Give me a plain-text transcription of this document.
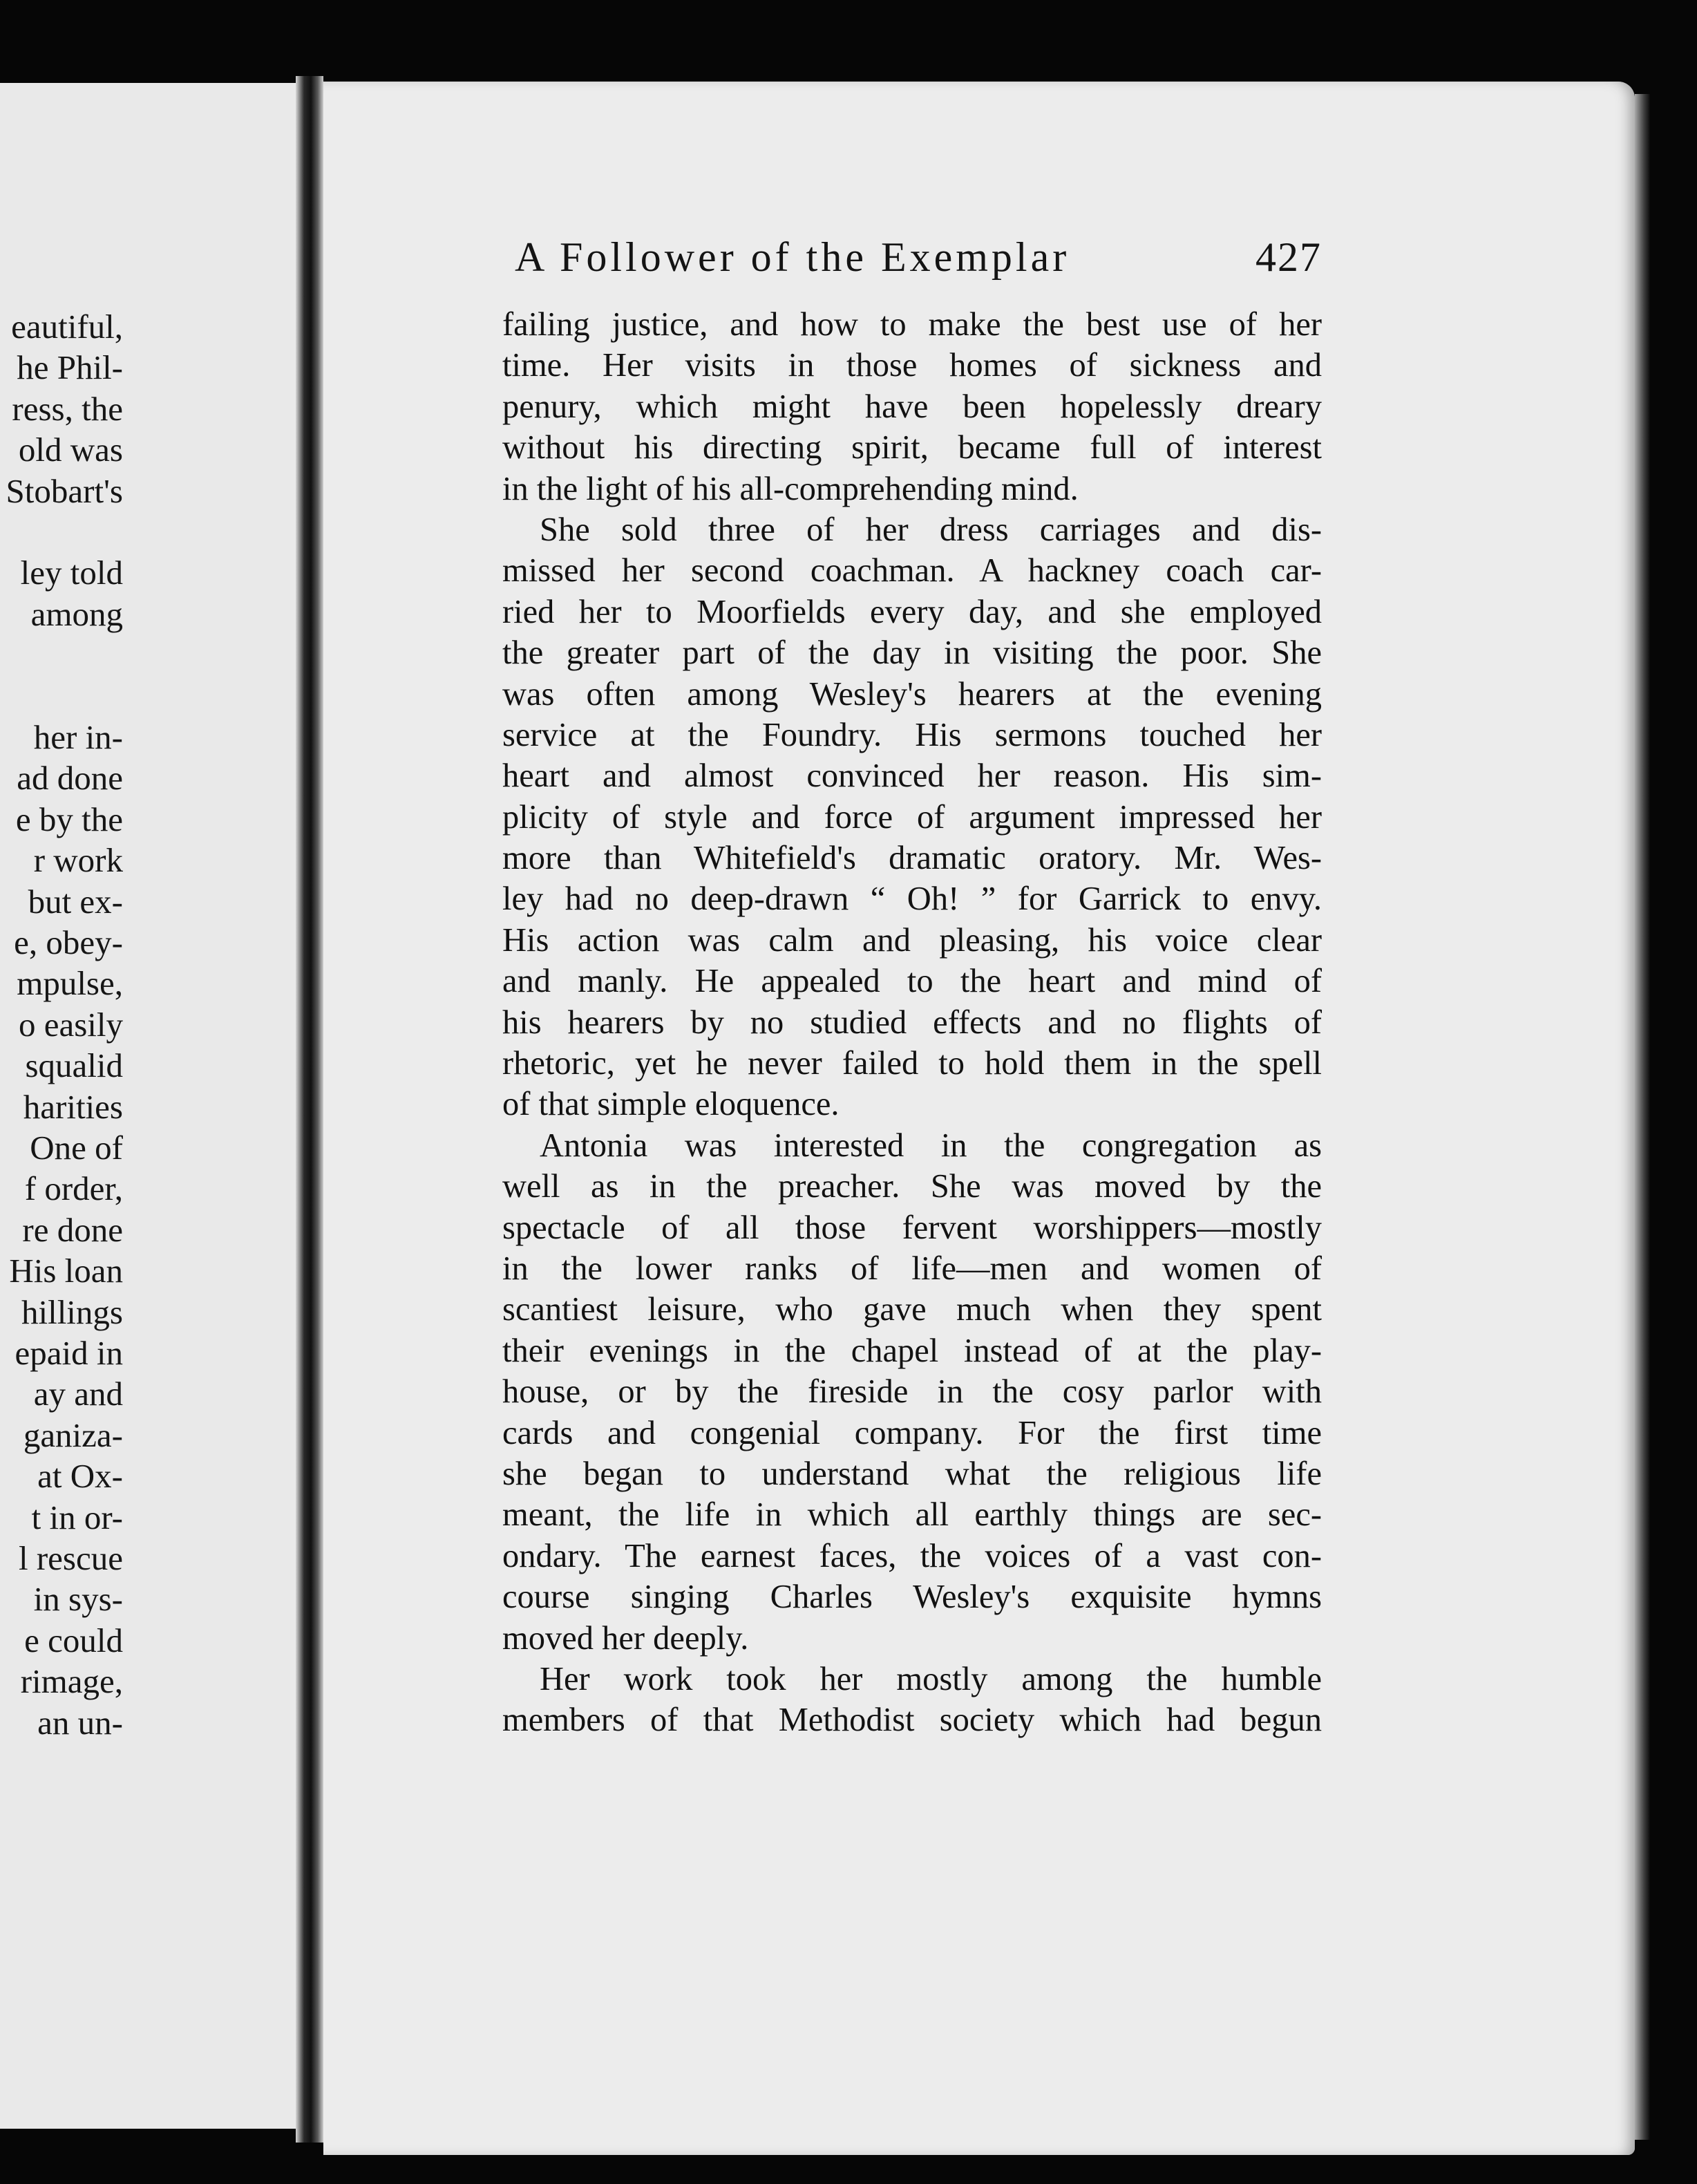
eautiful,
he Phil-
ress, the
old was
Stobart's
ley told
among
her in-
ad done
e by the
r work
but ex-
e, obey-
mpulse,
o easily
squalid
harities
One of
f order,
re done
His loan
hillings
epaid in
ay and
ganiza-
at Ox-
t in or-
l rescue
in sys-
e could
rimage,
an un-
A Follower of the Exemplar	427
failing justice, and how to make the best use of her
time. Her visits in those homes of sickness and
penury, which might have been hopelessly dreary
without his directing spirit, became full of interest
in the light of his all-comprehending mind.
She sold three of her dress carriages and dis-
missed her second coachman. A hackney coach car-
ried her to Moorfields every day, and she employed
the greater part of the day in visiting the poor. She
was often among Wesley's hearers at the evening
service at the Foundry. His sermons touched her
heart and almost convinced her reason. His sim-
plicity of style and force of argument impressed her
more than Whitefield's dramatic oratory. Mr. Wes-
ley had no deep-drawn “ Oh! ” for Garrick to envy.
His action was calm and pleasing, his voice clear
and manly. He appealed to the heart and mind of
his hearers by no studied effects and no flights of
rhetoric, yet he never failed to hold them in the spell
of that simple eloquence.
Antonia was interested in the congregation as
well as in the preacher. She was moved by the
spectacle of all those fervent worshippers—mostly
in the lower ranks of life—men and women of
scantiest leisure, who gave much when they spent
their evenings in the chapel instead of at the play-
house, or by the fireside in the cosy parlor with
cards and congenial company. For the first time
she began to understand what the religious life
meant, the life in which all earthly things are sec-
ondary. The earnest faces, the voices of a vast con-
course singing Charles Wesley's exquisite hymns
moved her deeply.
Her work took her mostly among the humble
members of that Methodist society which had begun
